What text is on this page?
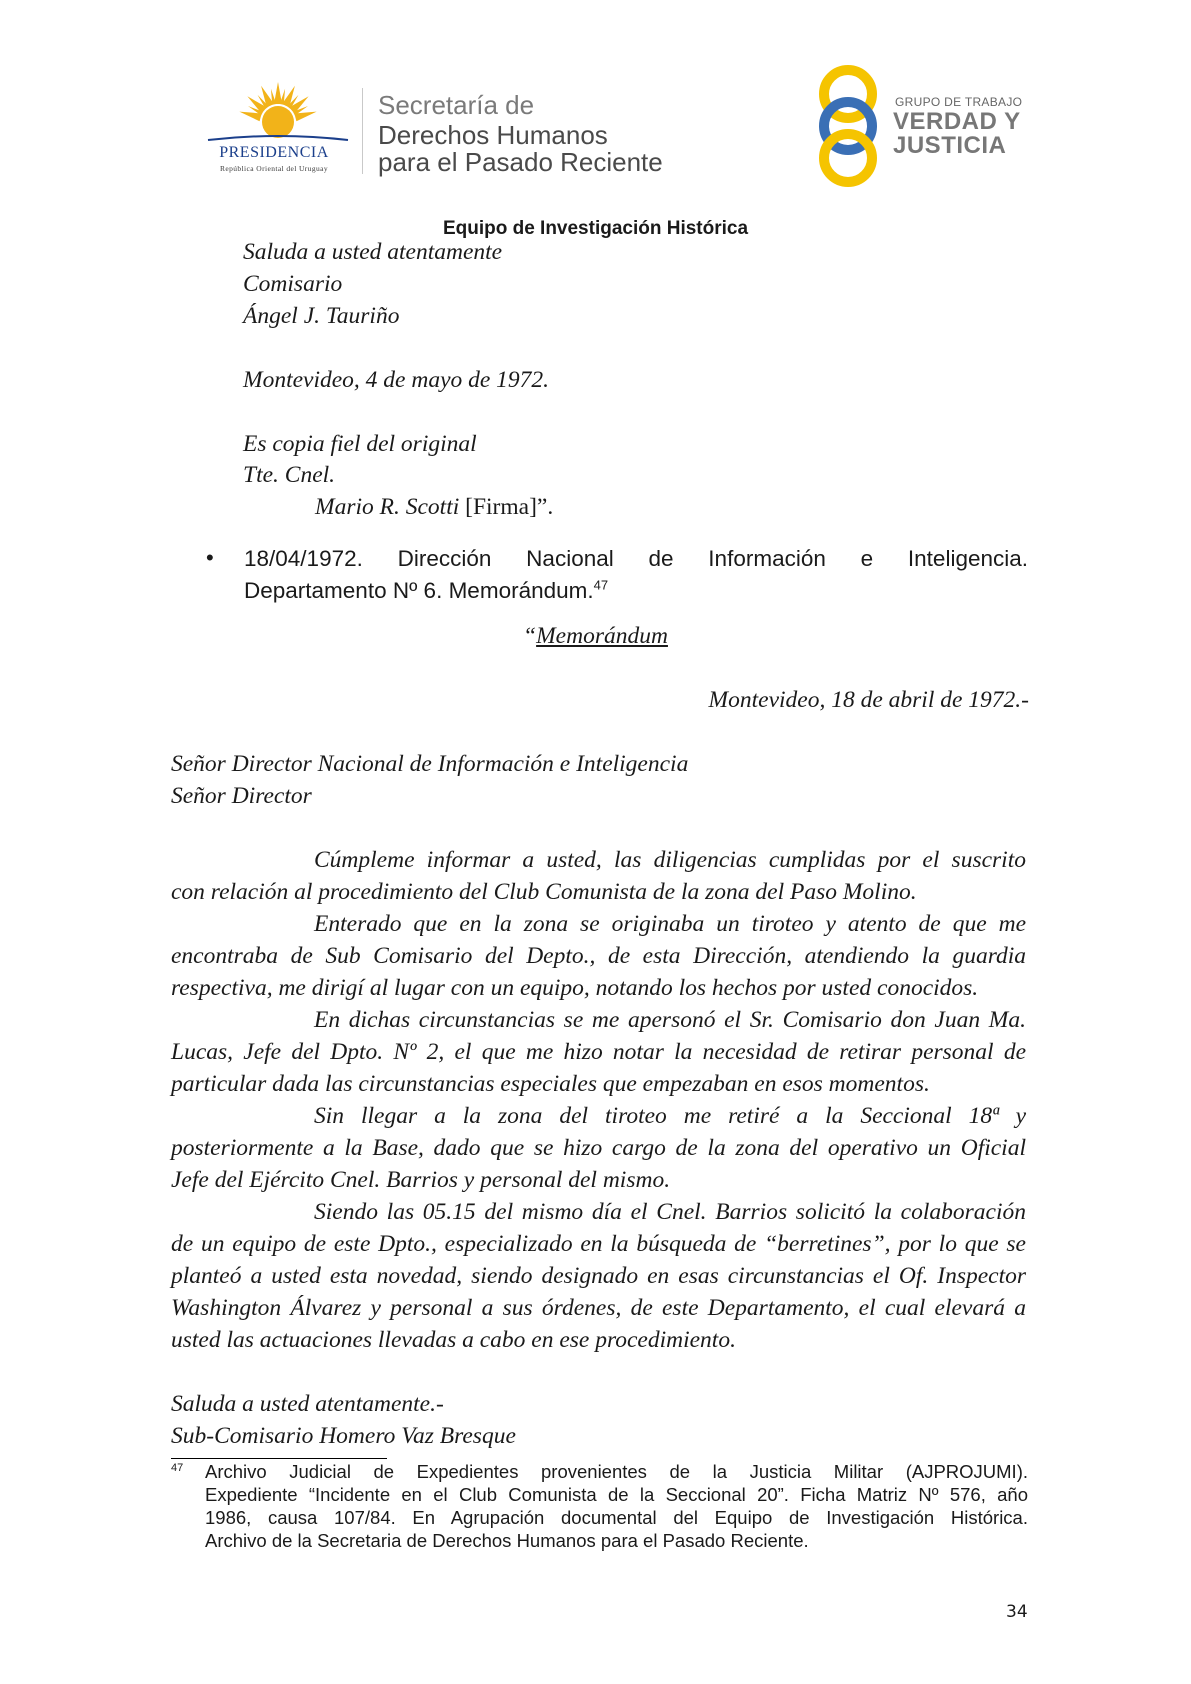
PRESIDENCIA
República Oriental del Uruguay
Secretaría de
Derechos Humanos
para el Pasado Reciente
GRUPO DE TRABAJO
VERDAD Y
JUSTICIA
Equipo de Investigación Histórica
Saluda a usted atentamente
Comisario
Ángel J. Tauriño
Montevideo, 4 de mayo de 1972.
Es copia fiel del original
Tte. Cnel.
Mario R. Scotti [Firma]”.
• 18/04/1972. Dirección Nacional de Información e Inteligencia.
Departamento Nº 6. Memorándum.$^{47}$
“Memorándum
Montevideo, 18 de abril de 1972.-
Señor Director Nacional de Información e Inteligencia
Señor Director
Cúmpleme informar a usted, las diligencias cumplidas por el suscrito
con relación al procedimiento del Club Comunista de la zona del Paso Molino.
Enterado que en la zona se originaba un tiroteo y atento de que me
encontraba de Sub Comisario del Depto., de esta Dirección, atendiendo la guardia
respectiva, me dirigí al lugar con un equipo, notando los hechos por usted conocidos.
En dichas circunstancias se me apersonó el Sr. Comisario don Juan Ma.
Lucas, Jefe del Dpto. Nº 2, el que me hizo notar la necesidad de retirar personal de
particular dada las circunstancias especiales que empezaban en esos momentos.
Sin llegar a la zona del tiroteo me retiré a la Seccional 18ª y
posteriormente a la Base, dado que se hizo cargo de la zona del operativo un Oficial
Jefe del Ejército Cnel. Barrios y personal del mismo.
Siendo las 05.15 del mismo día el Cnel. Barrios solicitó la colaboración
de un equipo de este Dpto., especializado en la búsqueda de “berretines”, por lo que se
planteó a usted esta novedad, siendo designado en esas circunstancias el Of. Inspector
Washington Álvarez y personal a sus órdenes, de este Departamento, el cual elevará a
usted las actuaciones llevadas a cabo en ese procedimiento.
Saluda a usted atentamente.-
Sub-Comisario Homero Vaz Bresque
47 Archivo Judicial de Expedientes provenientes de la Justicia Militar (AJPROJUMI).
Expediente “Incidente en el Club Comunista de la Seccional 20”. Ficha Matriz Nº 576, año
1986, causa 107/84. En Agrupación documental del Equipo de Investigación Histórica.
Archivo de la Secretaria de Derechos Humanos para el Pasado Reciente.
34
